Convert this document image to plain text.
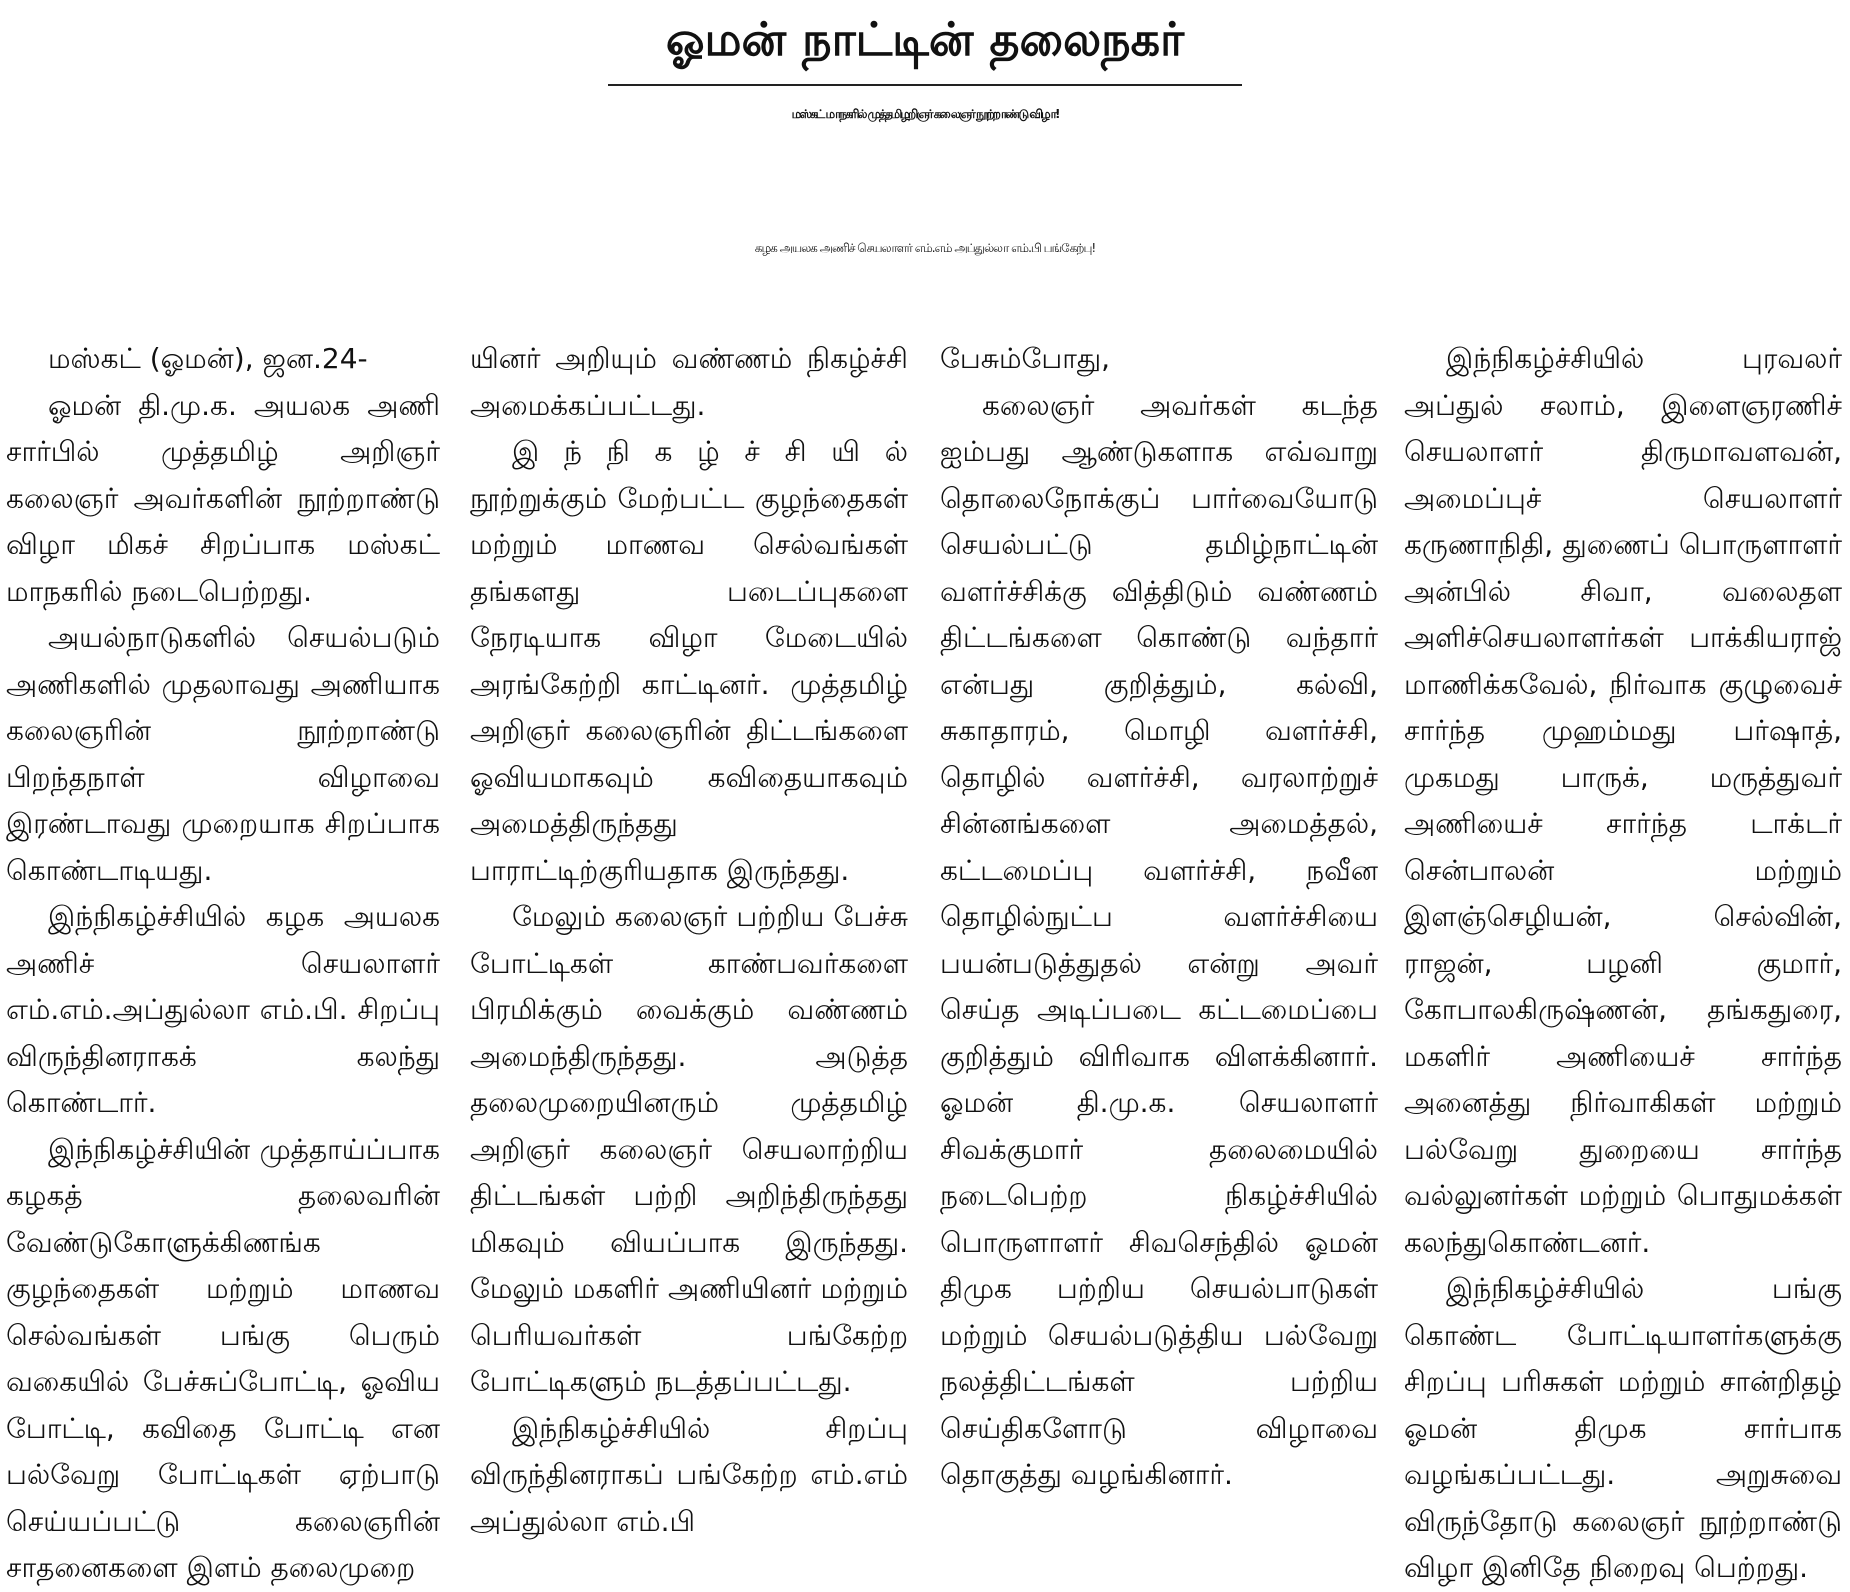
ஓமன் நாட்டின் தலைநகர்
மஸ்கட் மாநகரில் முத்தமிழறிஞர் கலைஞர் நூற்றாண்டு விழா!
கழக அயலக அணிச் செயலாளர் எம்.எம் அப்துல்லா எம்.பி பங்கேற்பு!

மஸ்கட் (ஓமன்), ஜன.24-

ஓமன் தி.மு.க. அயலக அணி சார்பில் முத்தமிழ் அறிஞர் கலைஞர் அவர்களின் நூற்றாண்டு விழா மிகச் சிறப்பாக மஸ்கட் மாநகரில் நடைபெற்றது.

அயல்நாடுகளில் செயல்படும் அணிகளில் முதலாவது அணியாக கலைஞரின் நூற்றாண்டு பிறந்தநாள் விழாவை இரண்டாவது முறையாக சிறப்பாக கொண்டாடியது.

இந்நிகழ்ச்சியில் கழக அயலக அணிச் செயலாளர் எம்.எம்.அப்துல்லா எம்.பி. சிறப்பு விருந்தினராகக் கலந்து கொண்டார்.

இந்நிகழ்ச்சியின் முத்தாய்ப்பாக கழகத் தலைவரின் வேண்டுகோளுக்கிணங்க குழந்தைகள் மற்றும் மாணவ செல்வங்கள் பங்கு பெரும் வகையில் பேச்சுப்போட்டி, ஓவிய போட்டி, கவிதை போட்டி என பல்வேறு போட்டிகள் ஏற்பாடு செய்யப்பட்டு கலைஞரின் சாதனைகளை இளம் தலைமுறை

யினர் அறியும் வண்ணம் நிகழ்ச்சி அமைக்கப்பட்டது.

இ ந் நி க ழ் ச் சி யி ல் நூற்றுக்கும் மேற்பட்ட குழந்தைகள் மற்றும் மாணவ செல்வங்கள் தங்களது படைப்புகளை நேரடியாக விழா மேடையில் அரங்கேற்றி காட்டினர். முத்தமிழ் அறிஞர் கலைஞரின் திட்டங்களை ஓவியமாகவும் கவிதையாகவும் அமைத்திருந்தது பாராட்டிற்குரியதாக இருந்தது.

மேலும் கலைஞர் பற்றிய பேச்சு போட்டிகள் காண்பவர்களை பிரமிக்கும் வைக்கும் வண்ணம் அமைந்திருந்தது. அடுத்த தலைமுறையினரும் முத்தமிழ் அறிஞர் கலைஞர் செயலாற்றிய திட்டங்கள் பற்றி அறிந்திருந்தது மிகவும் வியப்பாக இருந்தது. மேலும் மகளிர் அணியினர் மற்றும் பெரியவர்கள் பங்கேற்ற போட்டிகளும் நடத்தப்பட்டது.

இந்நிகழ்ச்சியில் சிறப்பு விருந்தினராகப் பங்கேற்ற எம்.எம் அப்துல்லா எம்.பி

பேசும்போது,

கலைஞர் அவர்கள் கடந்த ஐம்பது ஆண்டுகளாக எவ்வாறு தொலைநோக்குப் பார்வையோடு செயல்பட்டு தமிழ்நாட்டின் வளர்ச்சிக்கு வித்திடும் வண்ணம் திட்டங்களை கொண்டு வந்தார் என்பது குறித்தும், கல்வி, சுகாதாரம், மொழி வளர்ச்சி, தொழில் வளர்ச்சி, வரலாற்றுச் சின்னங்களை அமைத்தல், கட்டமைப்பு வளர்ச்சி, நவீன தொழில்நுட்ப வளர்ச்சியை பயன்படுத்துதல் என்று அவர் செய்த அடிப்படை கட்டமைப்பை குறித்தும் விரிவாக விளக்கினார். ஓமன் தி.மு.க. செயலாளர் சிவக்குமார் தலைமையில் நடைபெற்ற நிகழ்ச்சியில் பொருளாளர் சிவசெந்தில் ஓமன் திமுக பற்றிய செயல்பாடுகள் மற்றும் செயல்படுத்திய பல்வேறு நலத்திட்டங்கள் பற்றிய செய்திகளோடு விழாவை தொகுத்து வழங்கினார்.

இந்நிகழ்ச்சியில் புரவலர் அப்துல் சலாம், இளைஞரணிச் செயலாளர் திருமாவளவன், அமைப்புச் செயலாளர் கருணாநிதி, துணைப் பொருளாளர் அன்பில் சிவா, வலைதள அளிச்செயலாளர்கள் பாக்கியராஜ் மாணிக்கவேல், நிர்வாக குழுவைச் சார்ந்த முஹம்மது பர்ஷாத், முகமது பாருக், மருத்துவர் அணியைச் சார்ந்த டாக்டர் சென்பாலன் மற்றும் இளஞ்செழியன், செல்வின், ராஜன், பழனி குமார், கோபாலகிருஷ்ணன், தங்கதுரை, மகளிர் அணியைச் சார்ந்த அனைத்து நிர்வாகிகள் மற்றும் பல்வேறு துறையை சார்ந்த வல்லுனர்கள் மற்றும் பொதுமக்கள் கலந்துகொண்டனர்.

இந்நிகழ்ச்சியில் பங்கு கொண்ட போட்டியாளர்களுக்கு சிறப்பு பரிசுகள் மற்றும் சான்றிதழ் ஓமன் திமுக சார்பாக வழங்கப்பட்டது. அறுசுவை விருந்தோடு கலைஞர் நூற்றாண்டு விழா இனிதே நிறைவு பெற்றது.
